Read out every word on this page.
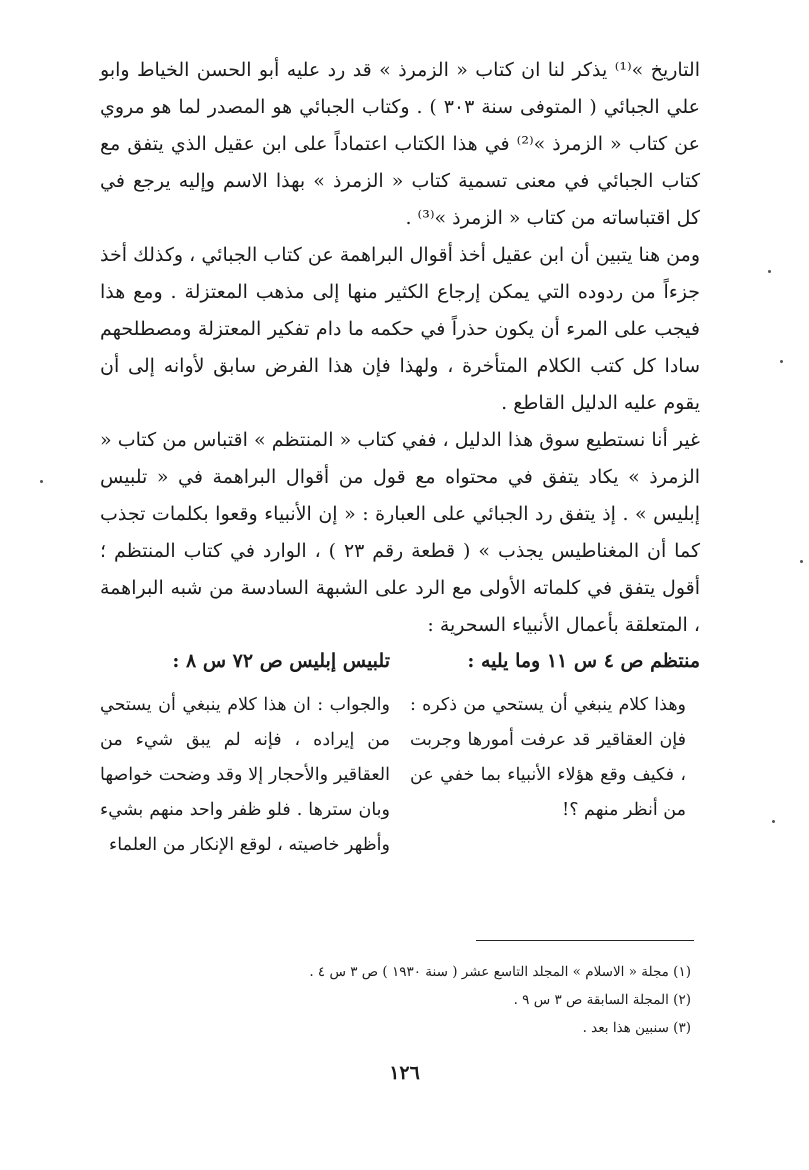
التاريخ »⁽¹⁾ يذكر لنا ان كتاب « الزمرذ » قد رد عليه أبو الحسن الخياط وابو علي الجبائي ( المتوفى سنة ٣٠٣ ) . وكتاب الجبائي هو المصدر لما هو مروي عن كتاب « الزمرذ »⁽²⁾ في هذا الكتاب اعتماداً على ابن عقيل الذي يتفق مع كتاب الجبائي في معنى تسمية كتاب « الزمرذ » بهذا الاسم وإليه يرجع في كل اقتباساته من كتاب « الزمرذ »⁽³⁾ .

ومن هنا يتبين أن ابن عقيل أخذ أقوال البراهمة عن كتاب الجبائي ، وكذلك أخذ جزءاً من ردوده التي يمكن إرجاع الكثير منها إلى مذهب المعتزلة . ومع هذا فيجب على المرء أن يكون حذراً في حكمه ما دام تفكير المعتزلة ومصطلحهم سادا كل كتب الكلام المتأخرة ، ولهذا فإن هذا الفرض سابق لأوانه إلى أن يقوم عليه الدليل القاطع .

غير أنا نستطيع سوق هذا الدليل ، ففي كتاب « المنتظم » اقتباس من كتاب « الزمرذ » يكاد يتفق في محتواه مع قول من أقوال البراهمة في « تلبيس إبليس » . إذ يتفق رد الجبائي على العبارة : « إن الأنبياء وقعوا بكلمات تجذب كما أن المغناطيس يجذب » ( قطعة رقم ٢٣ ) ، الوارد في كتاب المنتظم ؛ أقول يتفق في كلماته الأولى مع الرد على الشبهة السادسة من شبه البراهمة ، المتعلقة بأعمال الأنبياء السحرية :

منتظم ص ٤ س ١١ وما يليه :

وهذا كلام ينبغي أن يستحي من ذكره : فإن العقاقير قد عرفت أمورها وجربت ، فكيف وقع هؤلاء الأنبياء بما خفي عن من أنظر منهم ؟!

تلبيس إبليس ص ٧٢ س ٨ :

والجواب : ان هذا كلام ينبغي أن يستحي من إيراده ، فإنه لم يبق شيء من العقاقير والأحجار إلا وقد وضحت خواصها وبان سترها . فلو ظفر واحد منهم بشيء وأظهر خاصيته ، لوقع الإنكار من العلماء

(١) مجلة « الاسلام » المجلد التاسع عشر ( سنة ١٩٣٠ ) ص ٣ س ٤ .

(٢) المجلة السابقة ص ٣ س ٩ .

(٣) سنبين هذا بعد .

١٢٦
